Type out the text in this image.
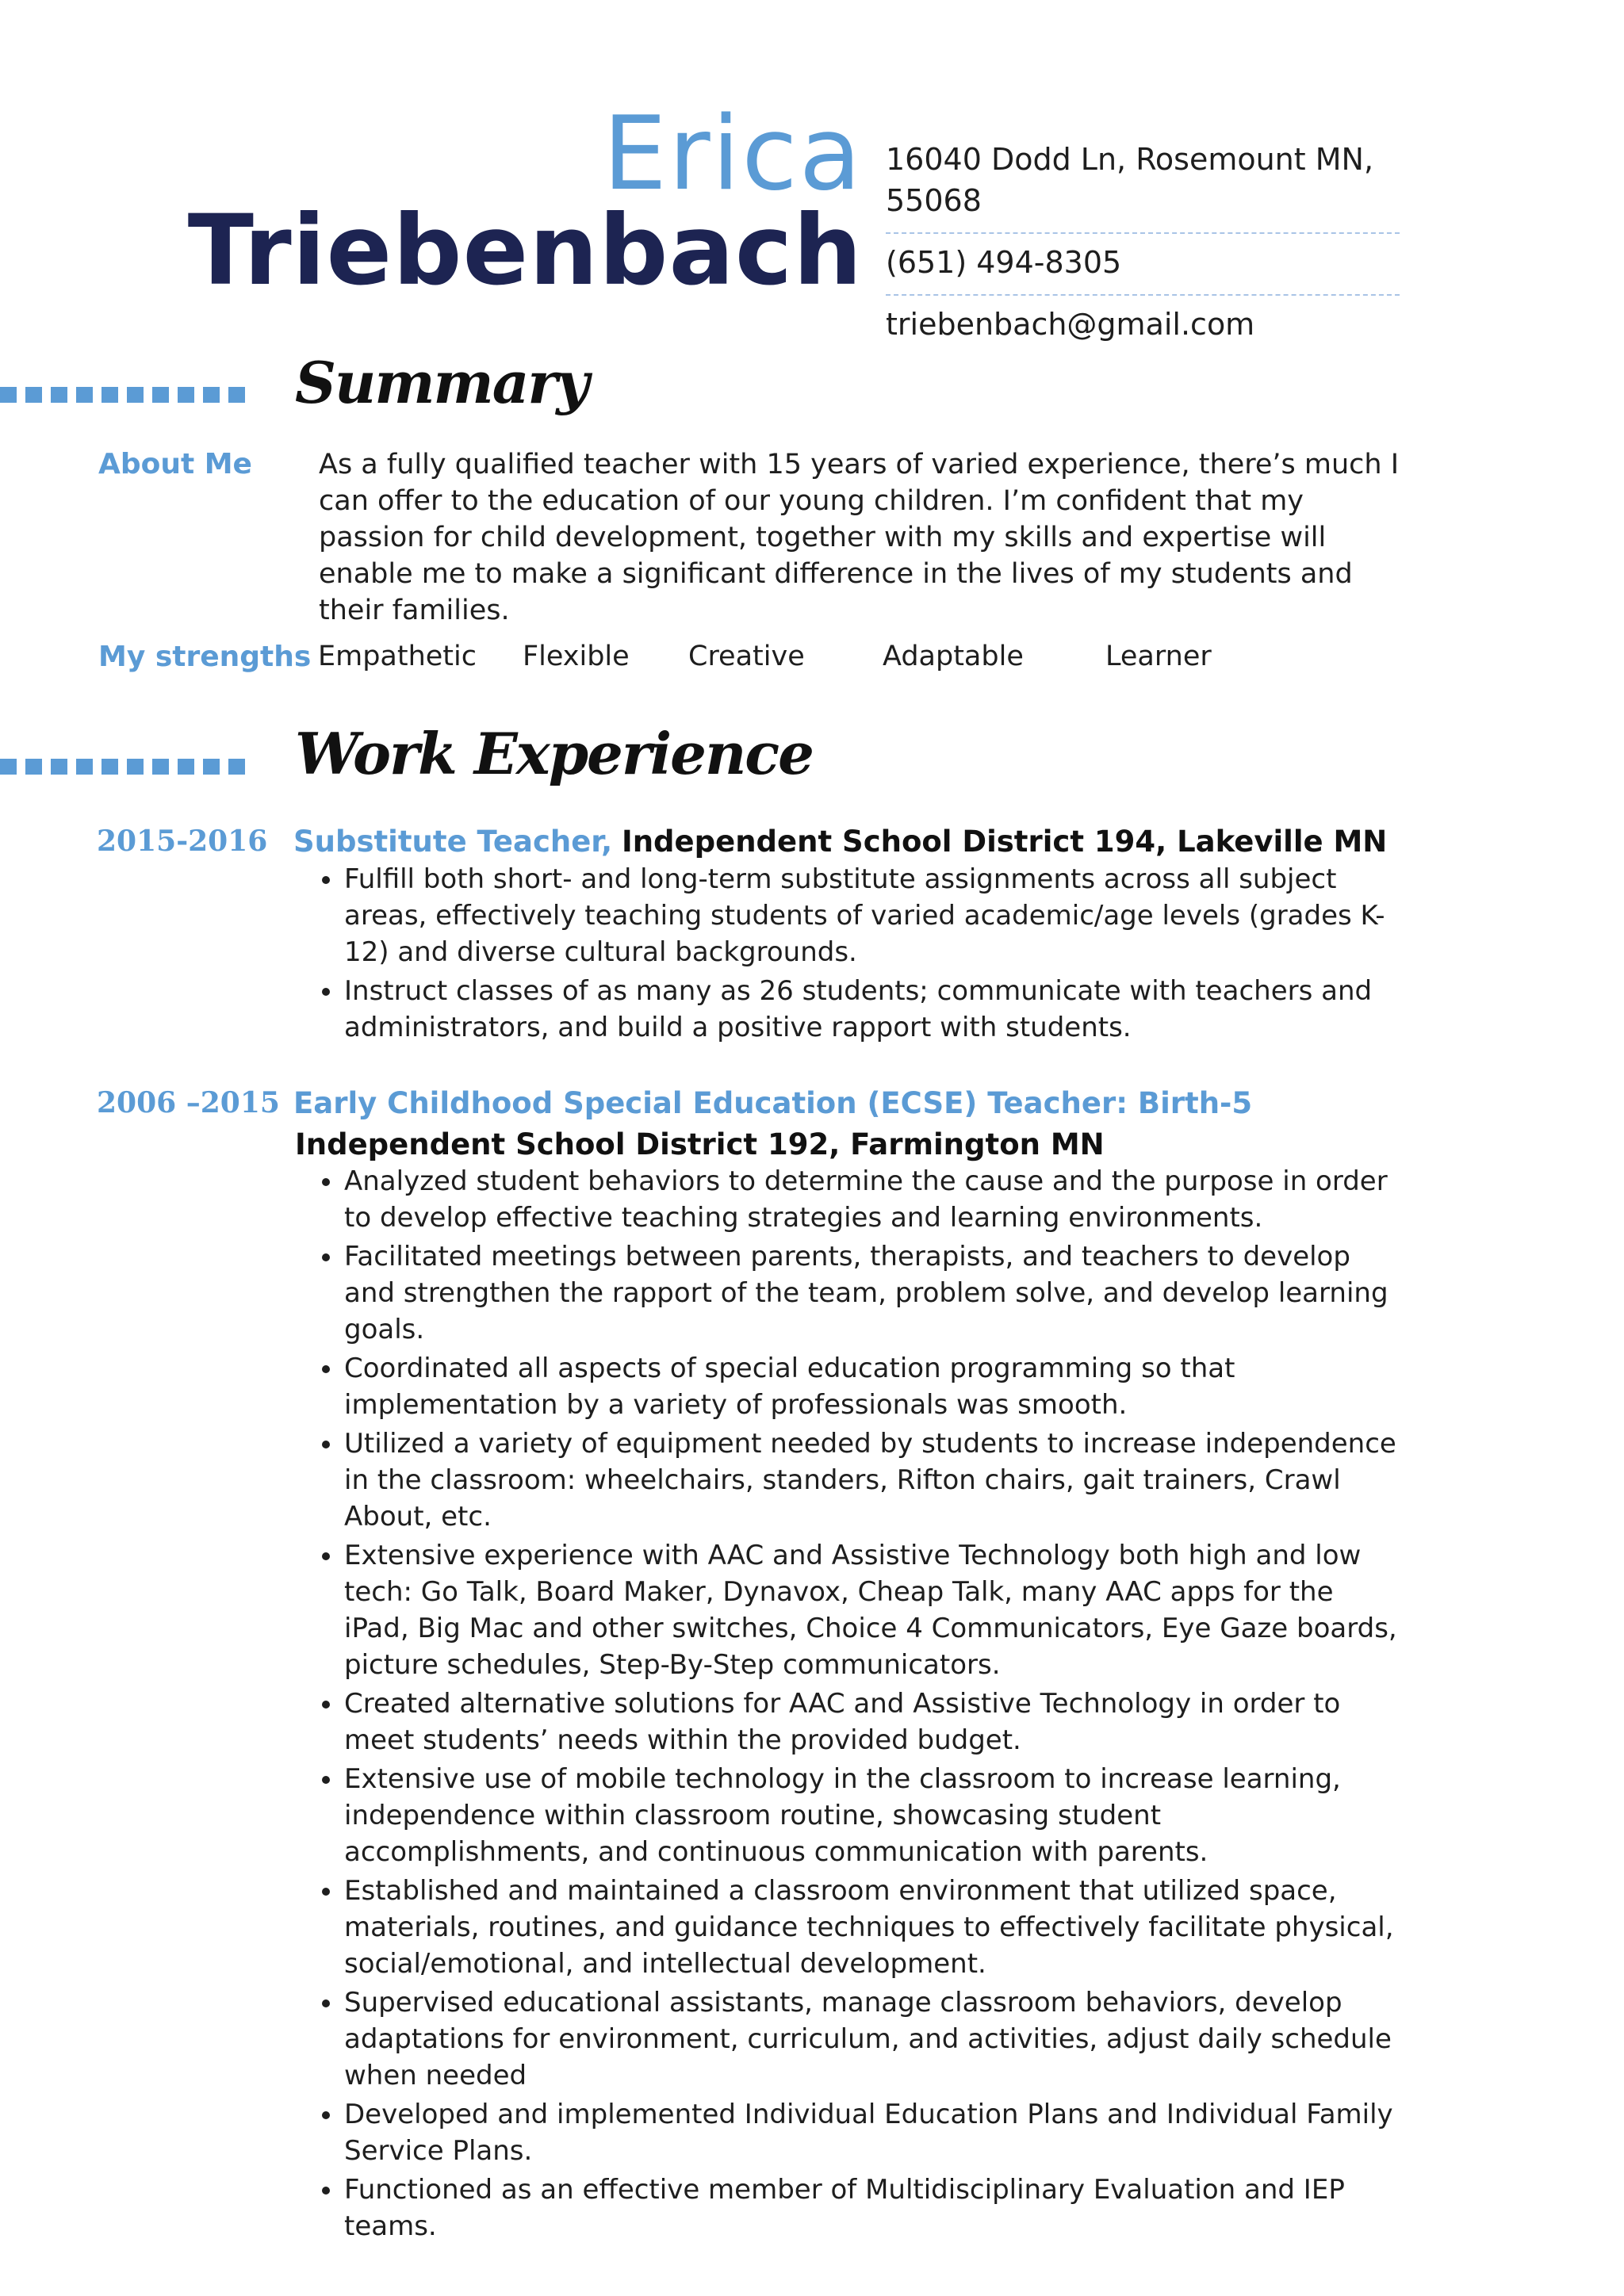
Erica
Triebenbach
16040 Dodd Ln, Rosemount MN, 55068
(651) 494-8305
triebenbach@gmail.com
Summary
About Me As a fully qualified teacher with 15 years of varied experience, there’s much I can offer to the education of our young children. I’m confident that my passion for child development, together with my skills and expertise will enable me to make a significant difference in the lives of my students and their families.
My strengths Empathetic Flexible Creative	Adaptable	Learner
Work Experience
2015-2016 Substitute Teacher, Independent School District 194, Lakeville MN
Fulfill both short- and long-term substitute assignments across all subject areas, effectively teaching students of varied academic/age levels (grades K-12) and diverse cultural backgrounds.
Instruct classes of as many as 26 students; communicate with teachers and administrators, and build a positive rapport with students.
2006 –2015 Early Childhood Special Education (ECSE) Teacher: Birth-5
Independent School District 192, Farmington MN
Analyzed student behaviors to determine the cause and the purpose in order to develop effective teaching strategies and learning environments.
Facilitated meetings between parents, therapists, and teachers to develop and strengthen the rapport of the team, problem solve, and develop learning goals.
Coordinated all aspects of special education programming so that implementation by a variety of professionals was smooth.
Utilized a variety of equipment needed by students to increase independence in the classroom: wheelchairs, standers, Rifton chairs, gait trainers, Crawl About, etc.
Extensive experience with AAC and Assistive Technology both high and low tech: Go Talk, Board Maker, Dynavox, Cheap Talk, many AAC apps for the iPad, Big Mac and other switches, Choice 4 Communicators, Eye Gaze boards, picture schedules, Step-By-Step communicators.
Created alternative solutions for AAC and Assistive Technology in order to meet students’ needs within the provided budget.
Extensive use of mobile technology in the classroom to increase learning, independence within classroom routine, showcasing student accomplishments, and continuous communication with parents.
Established and maintained a classroom environment that utilized space, materials, routines, and guidance techniques to effectively facilitate physical, social/emotional, and intellectual development.
Supervised educational assistants, manage classroom behaviors, develop adaptations for environment, curriculum, and activities, adjust daily schedule when needed
Developed and implemented Individual Education Plans and Individual Family Service Plans.
Functioned as an effective member of Multidisciplinary Evaluation and IEP teams.
